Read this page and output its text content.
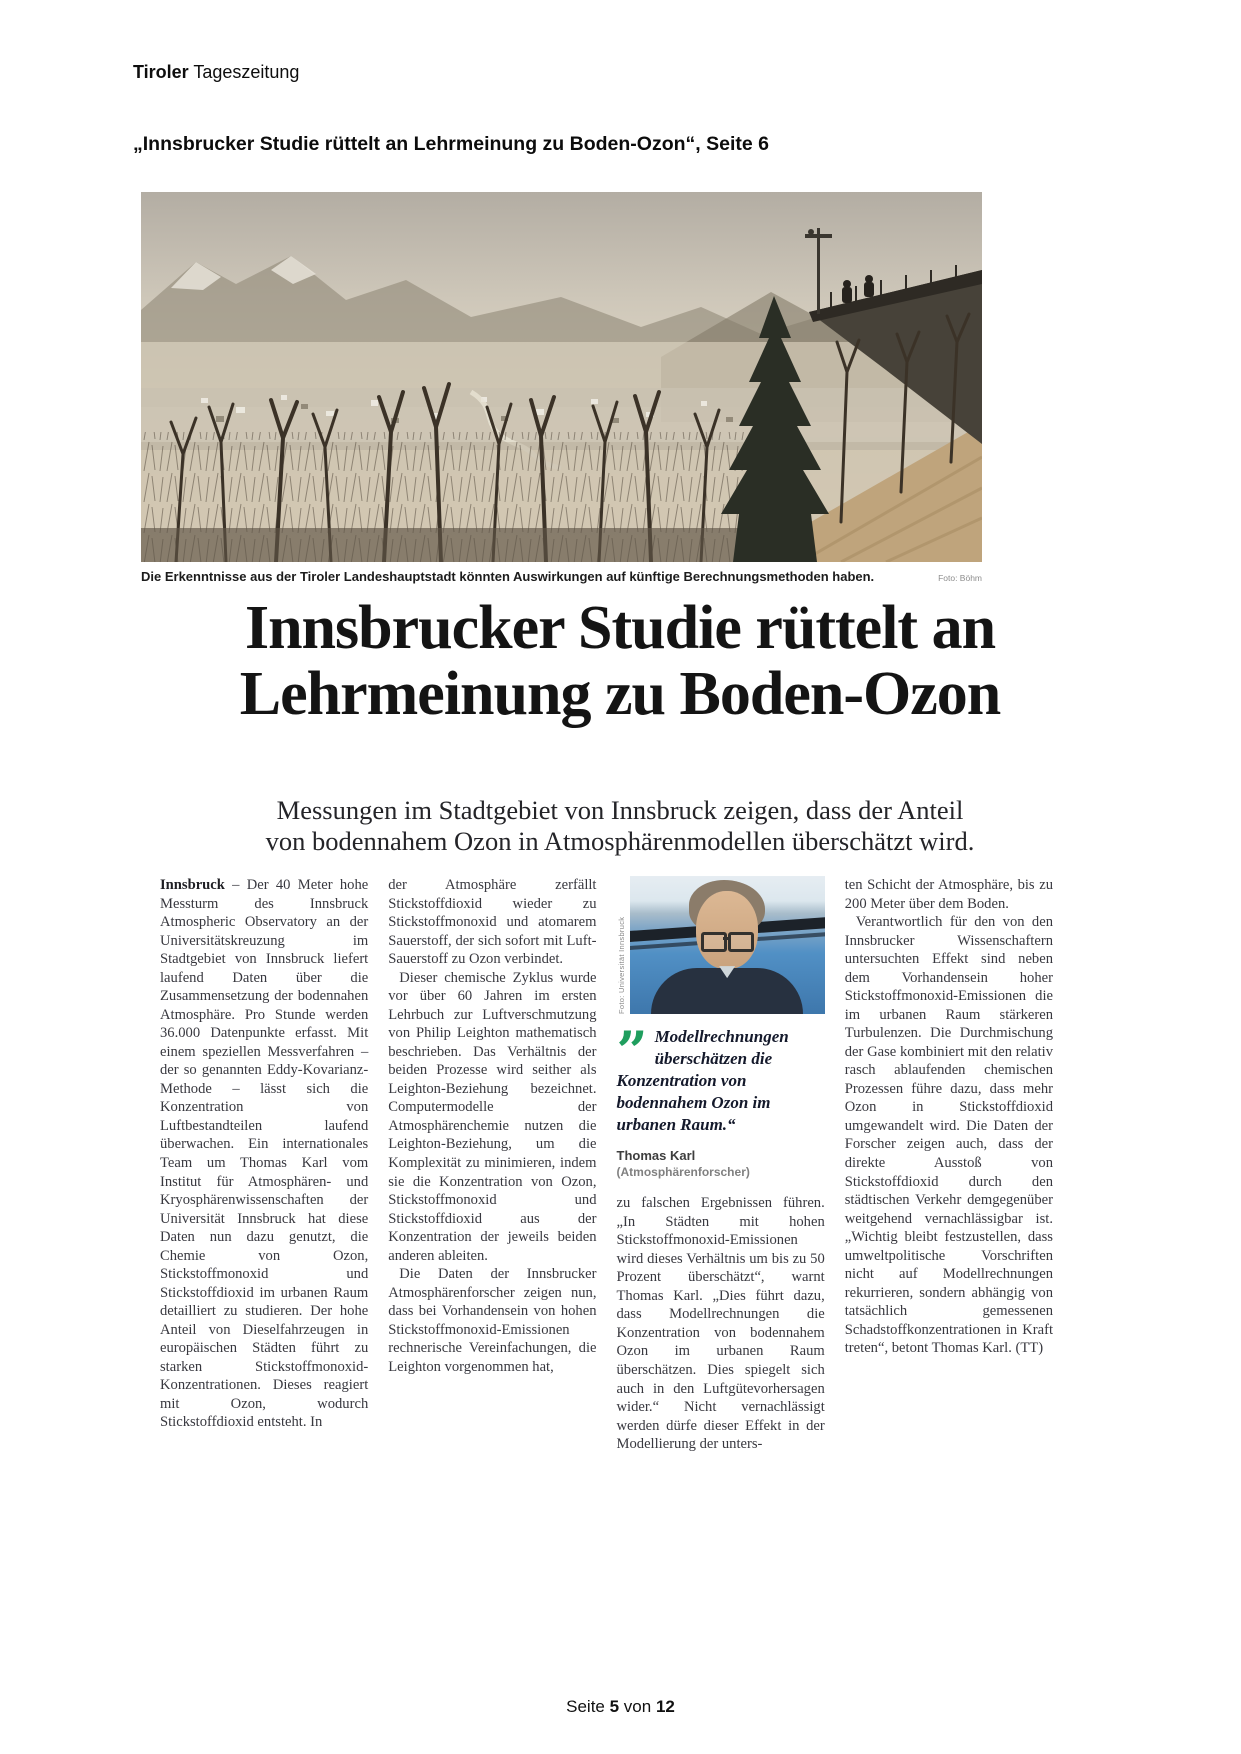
Tiroler Tageszeitung
„Innsbrucker Studie rüttelt an Lehrmeinung zu Boden-Ozon“, Seite 6
Die Erkenntnisse aus der Tiroler Landeshauptstadt könnten Auswirkungen auf künftige Berechnungsmethoden haben.	Foto: Böhm
Innsbrucker Studie rüttelt an
Lehrmeinung zu Boden-Ozon
Messungen im Stadtgebiet von Innsbruck zeigen, dass der Anteil
von bodennahem Ozon in Atmosphärenmodellen überschätzt wird.

Innsbruck – Der 40 Meter hohe Messturm des Innsbruck Atmospheric Observatory an der Universitätskreuzung im Stadtgebiet von Innsbruck liefert laufend Daten über die Zusammensetzung der bodennahen Atmosphäre. Pro Stunde werden 36.000 Datenpunkte erfasst. Mit einem speziellen Messverfahren – der so genannten Eddy-Kovarianz-Methode – lässt sich die Konzentration von Luftbestandteilen laufend überwachen. Ein internationales Team um Thomas Karl vom Institut für Atmosphären- und Kryosphärenwissenschaften der Universität Innsbruck hat diese Daten nun dazu genutzt, die Chemie von Ozon, Stickstoffmonoxid und Stickstoffdioxid im urbanen Raum detailliert zu studieren. Der hohe Anteil von Dieselfahrzeugen in europäischen Städten führt zu starken Stickstoffmonoxid-Konzentrationen. Dieses reagiert mit Ozon, wodurch Stickstoffdioxid entsteht. In

der Atmosphäre zerfällt Stickstoffdioxid wieder zu Stickstoffmonoxid und atomarem Sauerstoff, der sich sofort mit Luft-Sauerstoff zu Ozon verbindet.

Dieser chemische Zyklus wurde vor über 60 Jahren im ersten Lehrbuch zur Luftverschmutzung von Philip Leighton mathematisch beschrieben. Das Verhältnis der beiden Prozesse wird seither als Leighton-Beziehung bezeichnet. Computermodelle der Atmosphärenchemie nutzen die Leighton-Beziehung, um die Komplexität zu minimieren, indem sie die Konzentration von Ozon, Stickstoffmonoxid und Stickstoffdioxid aus der Konzentration der jeweils beiden anderen ableiten.

Die Daten der Innsbrucker Atmosphärenforscher zeigen nun, dass bei Vorhandensein von hohen Stickstoffmonoxid-Emissionen rechnerische Vereinfachungen, die Leighton vorgenommen hat,

Foto: Universität Innsbruck
” Modellrechnungen überschätzen die Konzentration von bodennahem Ozon im urbanen Raum.“
Thomas Karl
(Atmosphärenforscher)

zu falschen Ergebnissen führen. „In Städten mit hohen Stickstoffmonoxid-Emissionen wird dieses Verhältnis um bis zu 50 Prozent überschätzt“, warnt Thomas Karl. „Dies führt dazu, dass Modellrechnungen die Konzentration von bodennahem Ozon im urbanen Raum überschätzen. Dies spiegelt sich auch in den Luftgütevorhersagen wider.“ Nicht vernachlässigt werden dürfe dieser Effekt in der Modellierung der unters-

ten Schicht der Atmosphäre, bis zu 200 Meter über dem Boden.

Verantwortlich für den von den Innsbrucker Wissenschaftern untersuchten Effekt sind neben dem Vorhandensein hoher Stickstoffmonoxid-Emissionen die im urbanen Raum stärkeren Turbulenzen. Die Durchmischung der Gase kombiniert mit den relativ rasch ablaufenden chemischen Prozessen führe dazu, dass mehr Ozon in Stickstoffdioxid umgewandelt wird. Die Daten der Forscher zeigen auch, dass der direkte Ausstoß von Stickstoffdioxid durch den städtischen Verkehr demgegenüber weitgehend vernachlässigbar ist. „Wichtig bleibt festzustellen, dass umweltpolitische Vorschriften nicht auf Modellrechnungen rekurrieren, sondern abhängig von tatsächlich gemessenen Schadstoffkonzentrationen in Kraft treten“, betont Thomas Karl. (TT)

Seite 5 von 12
